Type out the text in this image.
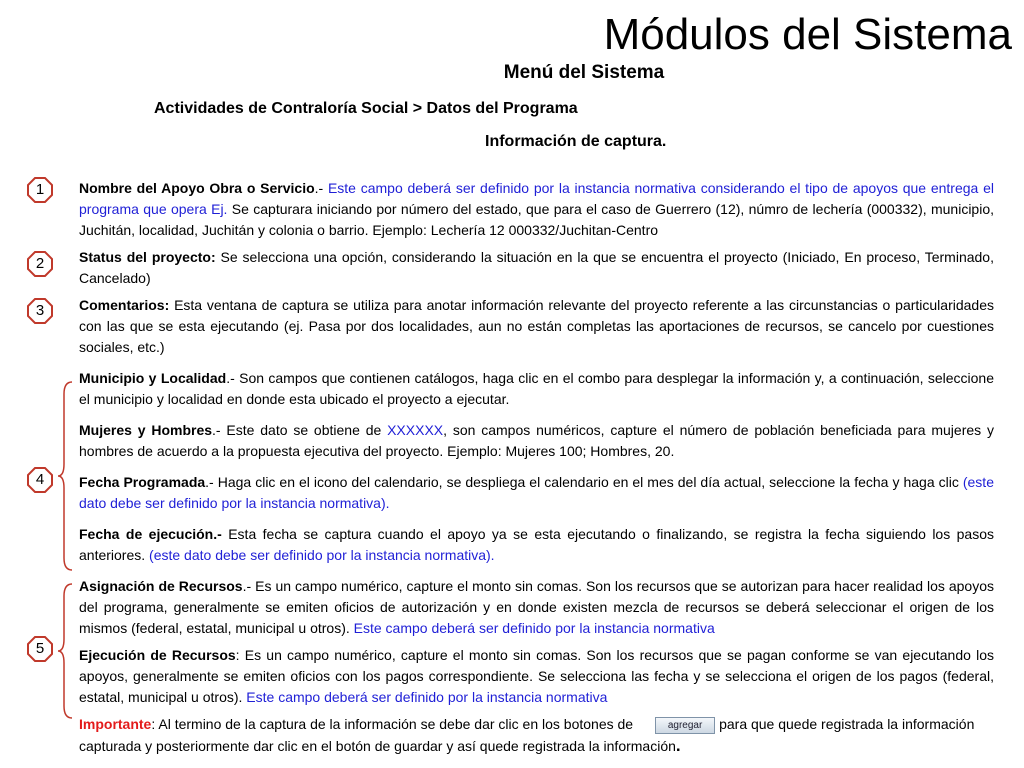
Módulos del Sistema
Menú del Sistema
Actividades de Contraloría Social > Datos del Programa
Información de captura.
1
2
3
4
5

Nombre del Apoyo Obra o Servicio.- Este campo deberá ser definido por la instancia normativa considerando el tipo de apoyos que entrega el programa que opera Ej. Se capturara iniciando por número del estado, que para el caso de Guerrero (12), númro de lechería (000332), municipio, Juchitán, localidad, Juchitán y colonia o barrio. Ejemplo: Lechería 12 000332/Juchitan-Centro

Status del proyecto: Se selecciona una opción, considerando la situación en la que se encuentra el proyecto (Iniciado, En proceso, Terminado, Cancelado)

Comentarios: Esta ventana de captura se utiliza para anotar información relevante del proyecto referente a las circunstancias o particularidades con las que se esta ejecutando (ej. Pasa por dos localidades, aun no están completas las aportaciones de recursos, se cancelo por cuestiones sociales, etc.)

Municipio y Localidad.- Son campos que contienen catálogos, haga clic en el combo para desplegar la información y, a continuación, seleccione el municipio y localidad en donde esta ubicado el proyecto a ejecutar.

Mujeres y Hombres.- Este dato se obtiene de XXXXXX, son campos numéricos, capture el número de población beneficiada para mujeres y hombres de acuerdo a la propuesta ejecutiva del proyecto. Ejemplo: Mujeres 100; Hombres, 20.

Fecha Programada.- Haga clic en el icono del calendario, se despliega el calendario en el mes del día actual, seleccione la fecha y haga clic (este dato debe ser definido por la instancia normativa).

Fecha de ejecución.- Esta fecha se captura cuando el apoyo ya se esta ejecutando o finalizando, se registra la fecha siguiendo los pasos anteriores. (este dato debe ser definido por la instancia normativa).

Asignación de Recursos.- Es un campo numérico, capture el monto sin comas. Son los recursos que se autorizan para hacer realidad los apoyos del programa, generalmente se emiten oficios de autorización y en donde existen mezcla de recursos se deberá seleccionar el origen de los mismos (federal, estatal, municipal u otros). Este campo deberá ser definido por la instancia normativa

Ejecución de Recursos: Es un campo numérico, capture el monto sin comas. Son los recursos que se pagan conforme se van ejecutando los apoyos, generalmente se emiten oficios con los pagos correspondiente. Se selecciona las fecha y se selecciona el origen de los pagos (federal, estatal, municipal u otros). Este campo deberá ser definido por la instancia normativa

Importante: Al termino de la captura de la información se debe dar clic en los botones de	agregar para que quede registrada la información capturada y posteriormente dar clic en el botón de guardar y así quede registrada la información.
